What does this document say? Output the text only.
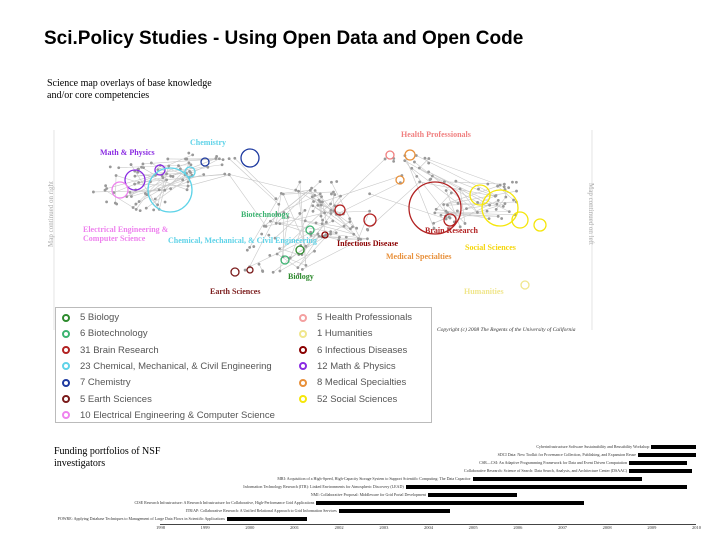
Sci.Policy Studies - Using Open Data and Open Code
Science map overlays of base knowledge and/or core competencies
Math & Physics
Chemistry
Health Professionals
Electrical Engineering & Computer Science
Biotechnology
Chemical, Mechanical, & Civil Engineering	Infectious Disease
Brain Research
Social Sciences
Medical Specialties
Biology
Earth Sciences	Humanities
Map continued on right	Map continued on left
5 Biology
6 Biotechnology
31 Brain Research
23 Chemical, Mechanical, & Civil Engineering
7 Chemistry
5 Earth Sciences
10 Electrical Engineering & Computer Science
5 Health Professionals
1 Humanities
6 Infectious Diseases
12 Math & Physics
8 Medical Specialties
52 Social Sciences
Copyright (c) 2008 The Regents of the University of California
Funding portfolios of NSF investigators
Cyberinfrastructure Software Sustainability and Reusability Workshop
SDCI Data: New Toolkit for Provenance Collection, Publishing, and Expansion Reuse
CSR—CSI: An Adaptive Programming Framework for Data and Event Driven Computation
Collaborative Research: Science of Search: Data Search, Analysis, and Architecture Center (DSAAC)
MRI: Acquisition of a High-Speed, High-Capacity Storage System to Support Scientific Computing: The Data Capacitor
Information Technology Research (ITR): Linked Environments for Atmospheric Discovery (LEAD)
NMI: Collaborative Proposal: Middleware for Grid Portal Development
CISE Research Infrastructure: A Research Infrastructure for Collaborative, High-Performance Grid Applications
ITR/AP: Collaborative Research: A Unified Relational Approach to Grid Information Services
POWRE: Applying Database Techniques to Management of Large Data Flows in Scientific Applications
1998	1999	2000	2001	2002	2003	2004	2005	2006	2007	2008	2009	2010
